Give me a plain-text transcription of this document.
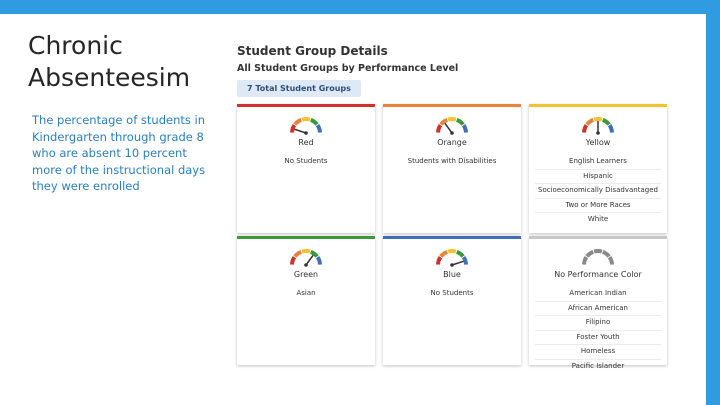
Chronic
Absenteesim
The percentage of students in Kindergarten through grade 8 who are absent 10 percent more of the instructional days they were enrolled
Student Group Details
All Student Groups by Performance Level
7 Total Student Groups
Red
No Students
Orange
Students with Disabilities
Yellow
English Learners
Hispanic
Socioeconomically Disadvantaged
Two or More Races
White
Green
Asian
Blue
No Students
No Performance Color
American Indian
African American
Filipino
Foster Youth
Homeless
Pacific Islander
